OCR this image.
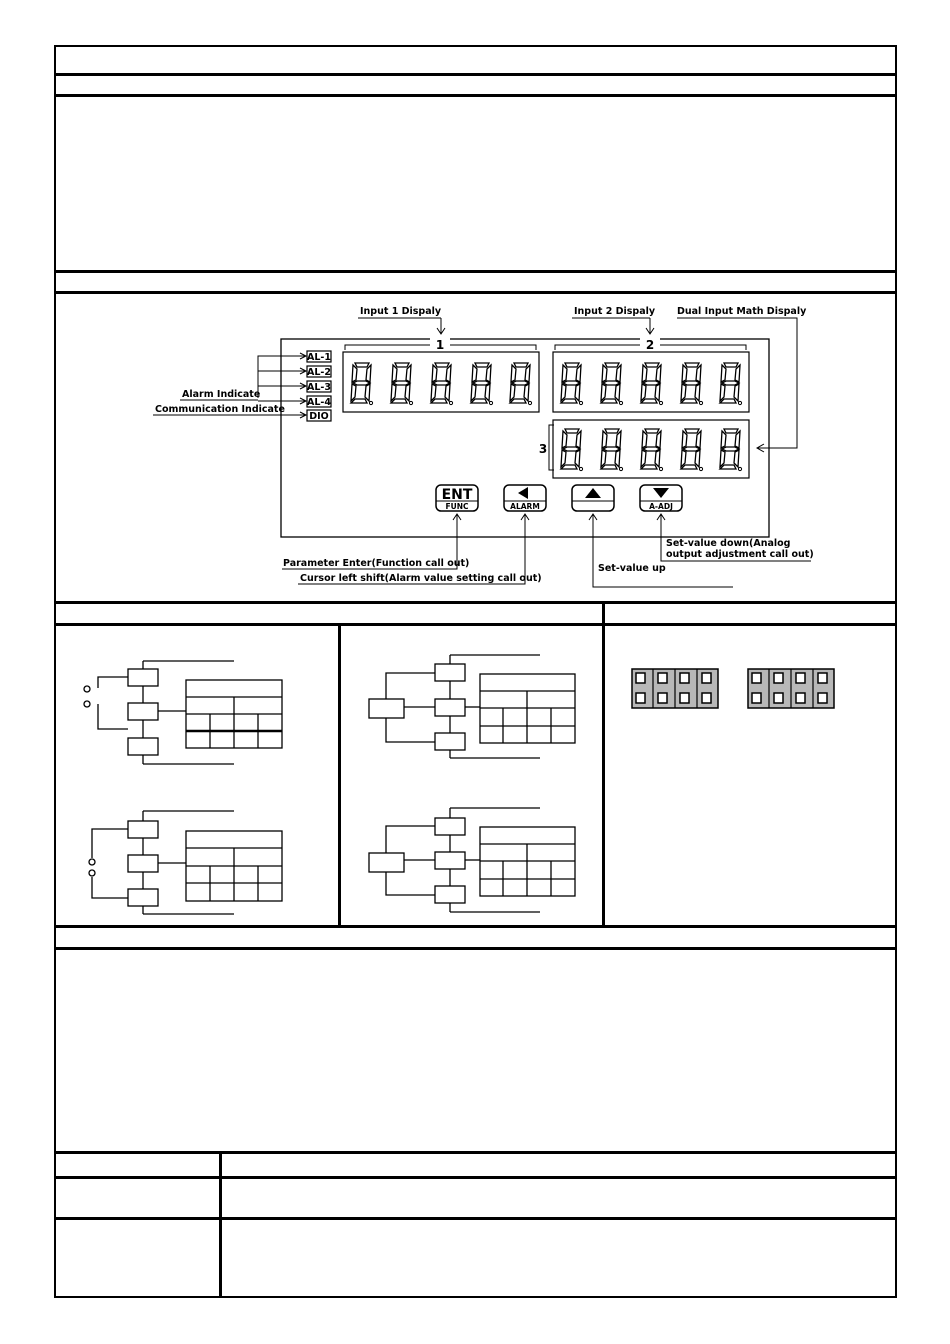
1	2
3
Input 1 Dispaly	Input 2 Dispaly Dual Input Math Dispaly
AL-1
AL-2
AL-3
AL-4
DIO
Alarm Indicate
Communication Indicate
ENT
FUNC	ALARM	A-ADJ
Parameter Enter(Function call out)
Cursor left shift(Alarm value setting call out)
Set-value up
Set-value down(Analog
output adjustment call out)
